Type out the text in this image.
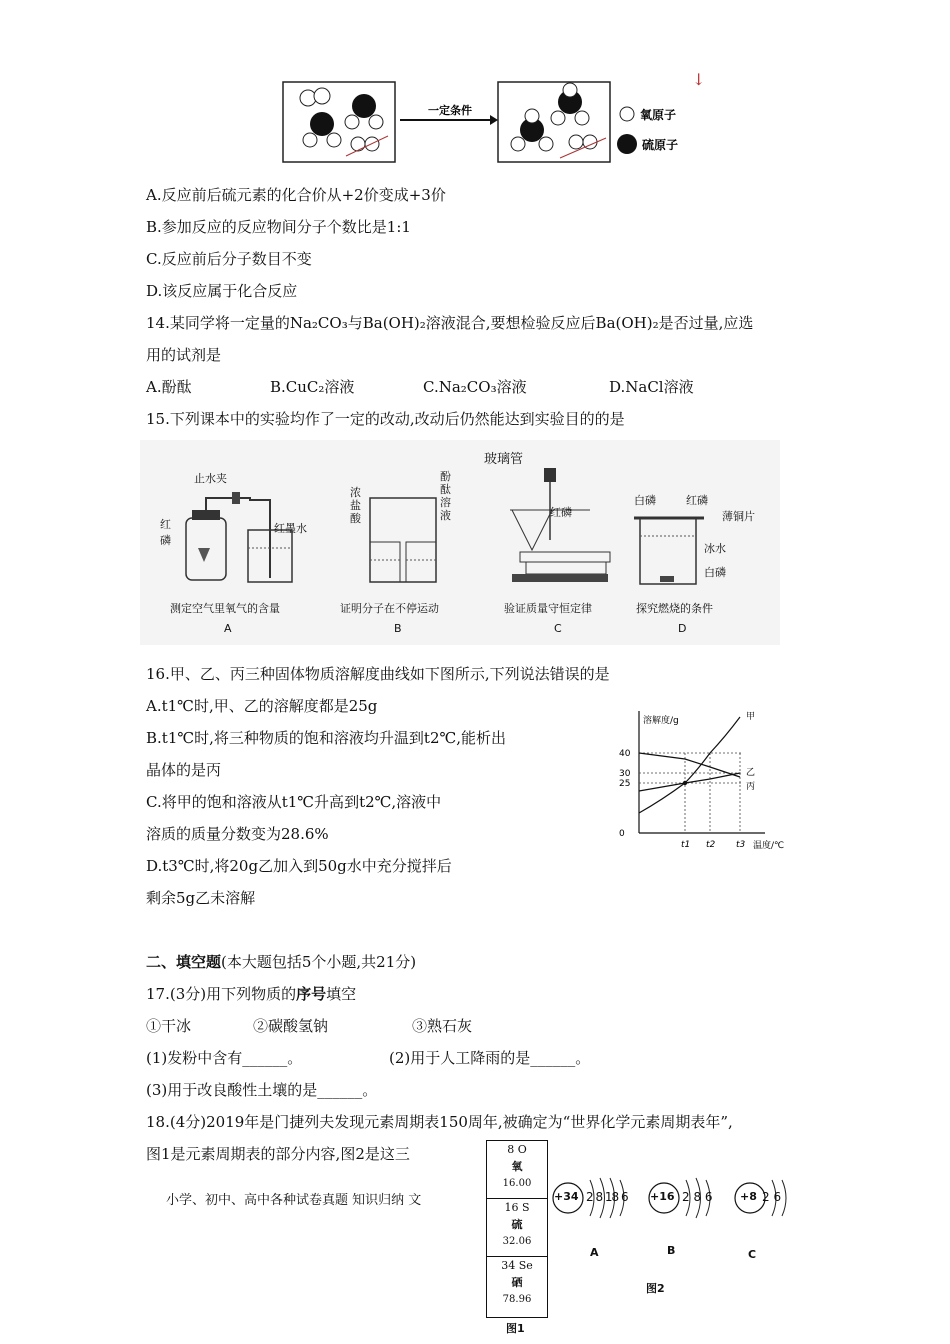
一定条件	氧原子
硫原子
↓
A.反应前后硫元素的化合价从+2价变成+3价
B.参加反应的反应物间分子个数比是1:1
C.反应前后分子数目不变
D.该反应属于化合反应
14.某同学将一定量的Na₂CO₃与Ba(OH)₂溶液混合,要想检验反应后Ba(OH)₂是否过量,应选
用的试剂是
A.酚酞	B.CuC₂溶液	C.Na₂CO₃溶液	D.NaCl溶液
15.下列课本中的实验均作了一定的改动,改动后仍然能达到实验目的的是
止水夹
红磷
红墨水
测定空气里氧气的含量
A
浓盐酸
酚酞溶液
证明分子在不停运动
B
玻璃管
红磷
验证质量守恒定律
C
白磷	红磷
薄铜片
冰水
白磷
探究燃烧的条件
D
16.甲、乙、丙三种固体物质溶解度曲线如下图所示,下列说法错误的是
A.t1℃时,甲、乙的溶解度都是25g
B.t1℃时,将三种物质的饱和溶液均升温到t2℃,能析出
晶体的是丙
C.将甲的饱和溶液从t1℃升高到t2℃,溶液中
溶质的质量分数变为28.6%
D.t3℃时,将20g乙加入到50g水中充分搅拌后
剩余5g乙未溶解
溶解度/g
温度/℃
甲
乙
丙
40
30
25
0
t1 t2 t3
二、填空题(本大题包括5个小题,共21分)
17.(3分)用下列物质的序号填空
①干冰	②碳酸氢钠	③熟石灰
(1)发粉中含有______。	(2)用于人工降雨的是______。
(3)用于改良酸性土壤的是______。
18.(4分)2019年是门捷列夫发现元素周期表150周年,被确定为“世界化学元素周期表年”,
图1是元素周期表的部分内容,图2是这三
小学、初中、高中各种试卷真题 知识归纳 文
8 O
氧
16.00
16 S
硫
32.06
34 Se
硒
78.96
图1
+34 2 8 18 6 +16 2 8 6 +8 2 6
A	B	C
图2
